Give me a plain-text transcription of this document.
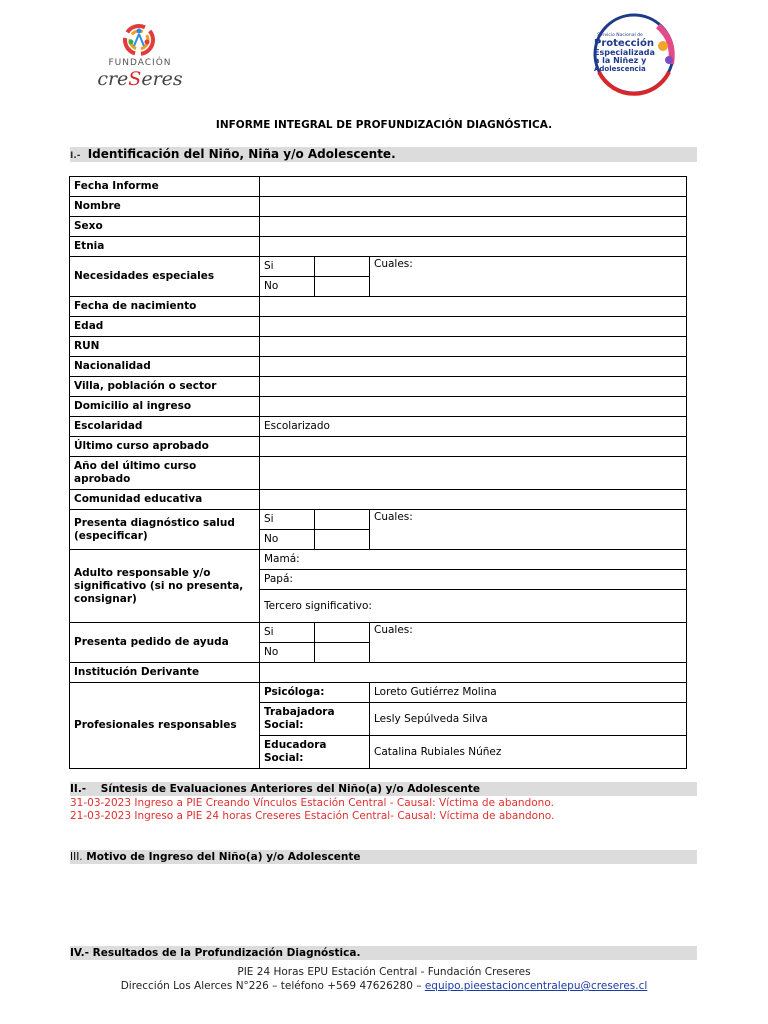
FUNDACIÓN
creSeres
Servicio Nacional de
Protección
Especializada
a la Niñez y
Adolescencia
INFORME INTEGRAL DE PROFUNDIZACIÓN DIAGNÓSTICA.
I.- Identificación del Niño, Niña y/o Adolescente.
Fecha Informe			
Nombre			
Sexo			
Etnia			
Necesidades especiales	Si		Cuales:
	No		
Fecha de nacimiento			
Edad			
RUN			
Nacionalidad			
Villa, población o sector			
Domicilio al ingreso			
Escolaridad	Escolarizado		
Último curso aprobado			
Año del último curso aprobado			
Comunidad educativa			
Presenta diagnóstico salud (especificar)	Si		Cuales:
	No		
Adulto responsable y/o significativo (si no presenta, consignar)	Mamá:		
	Papá:		
	Tercero significativo:		
Presenta pedido de ayuda	Si		Cuales:
	No		
Institución Derivante			
Profesionales responsables	Psicóloga:		Loreto Gutiérrez Molina
	Trabajadora Social:		Lesly Sepúlveda Silva
	Educadora Social:		Catalina Rubiales Núñez
II.-    Síntesis de Evaluaciones Anteriores del Niño(a) y/o Adolescente
31-03-2023 Ingreso a PIE Creando Vínculos Estación Central - Causal: Víctima de abandono.
21-03-2023 Ingreso a PIE 24 horas Creseres Estación Central- Causal: Víctima de abandono.
III. Motivo de Ingreso del Niño(a) y/o Adolescente
IV.- Resultados de la Profundización Diagnóstica.
PIE 24 Horas EPU Estación Central - Fundación Creseres
Dirección Los Alerces N°226 – teléfono +569 47626280 – equipo.pieestacioncentralepu@creseres.cl
